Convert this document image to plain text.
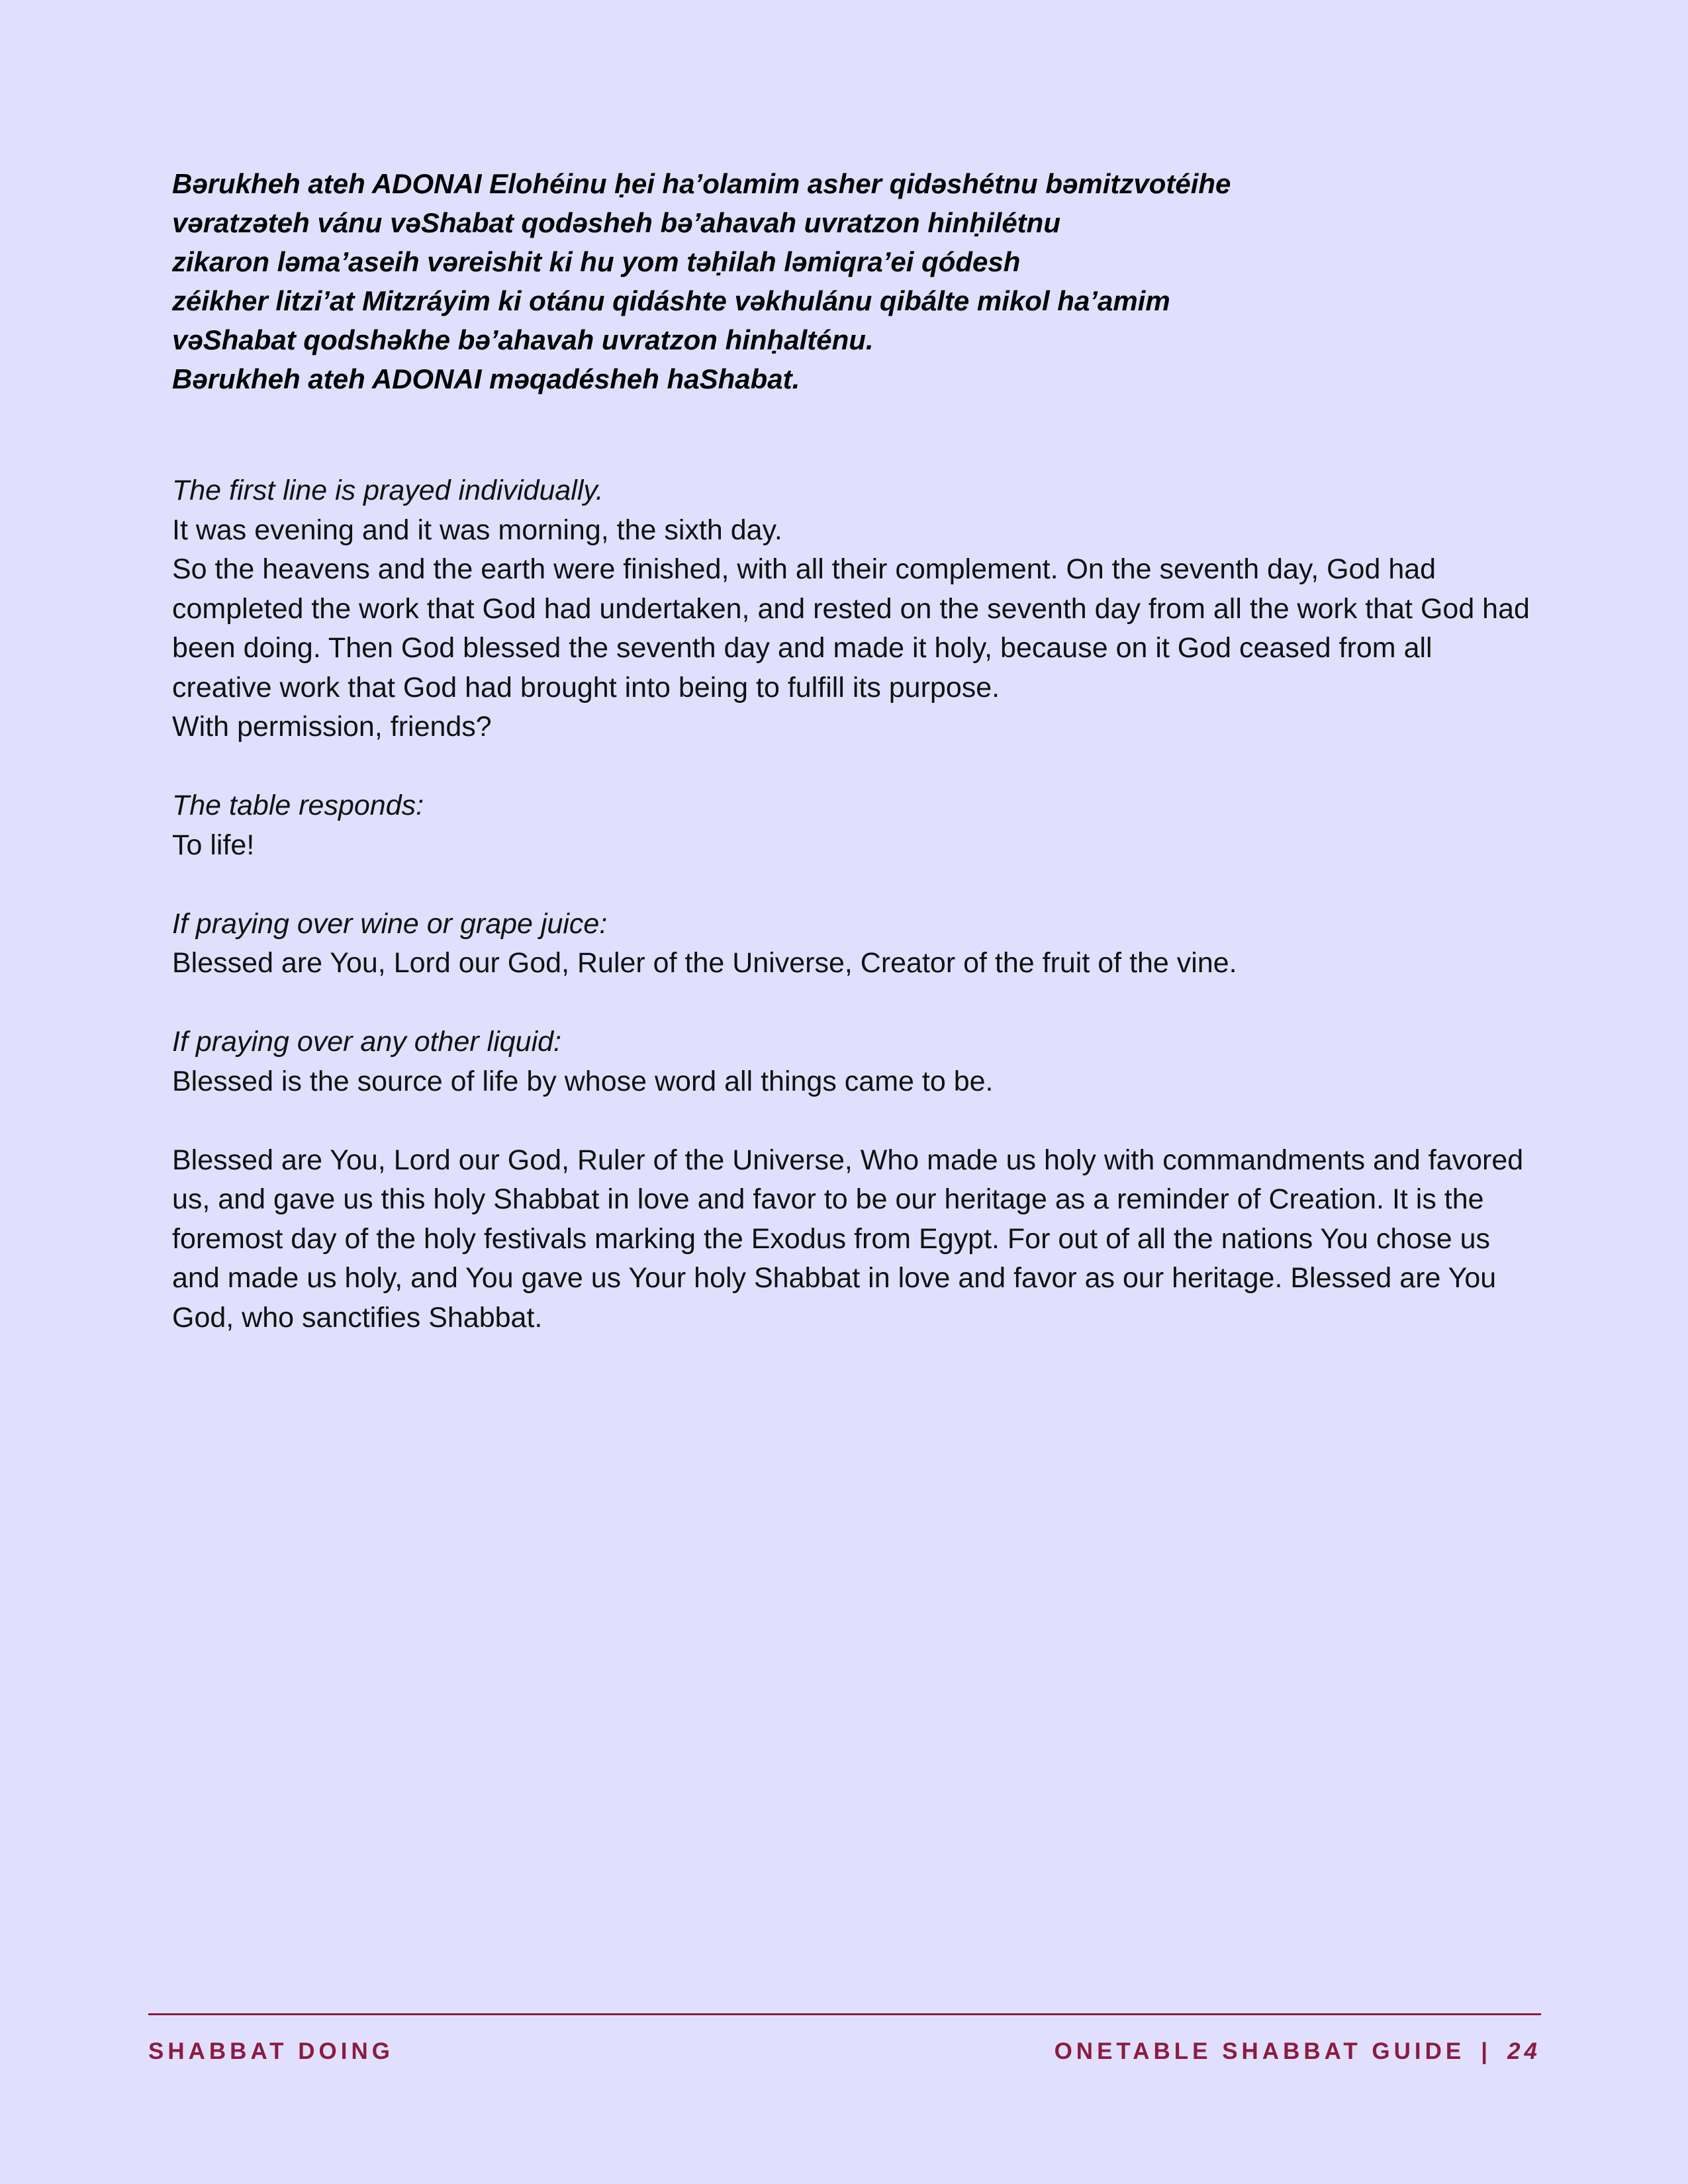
Bərukheh ateh ADONAI Elohéinu ḥei ha’olamim asher qidəshétnu bəmitzvotéihe
vəratzəteh vánu vəShabat qodəsheh bə’ahavah uvratzon hinḥilétnu
zikaron ləma’aseih vəreishit ki hu yom təḥilah ləmiqra’ei qódesh
zéikher litzi’at Mitzráyim ki otánu qidáshte vəkhulánu qibálte mikol ha’amim
vəShabat qodshəkhe bə’ahavah uvratzon hinḥalténu.
Bərukheh ateh ADONAI məqadésheh haShabat.
The first line is prayed individually.
It was evening and it was morning, the sixth day.
So the heavens and the earth were finished, with all their complement. On the seventh day, God had completed the work that God had undertaken, and rested on the seventh day from all the work that God had been doing. Then God blessed the seventh day and made it holy, because on it God ceased from all creative work that God had brought into being to fulfill its purpose.
With permission, friends?
The table responds:
To life!
If praying over wine or grape juice:
Blessed are You, Lord our God, Ruler of the Universe, Creator of the fruit of the vine.
If praying over any other liquid:
Blessed is the source of life by whose word all things came to be.
Blessed are You, Lord our God, Ruler of the Universe, Who made us holy with commandments and favored us, and gave us this holy Shabbat in love and favor to be our heritage as a reminder of Creation. It is the foremost day of the holy festivals marking the Exodus from Egypt. For out of all the nations You chose us and made us holy, and You gave us Your holy Shabbat in love and favor as our heritage. Blessed are You God, who sanctifies Shabbat.
SHABBAT DOING	ONETABLE SHABBAT GUIDE | 24
